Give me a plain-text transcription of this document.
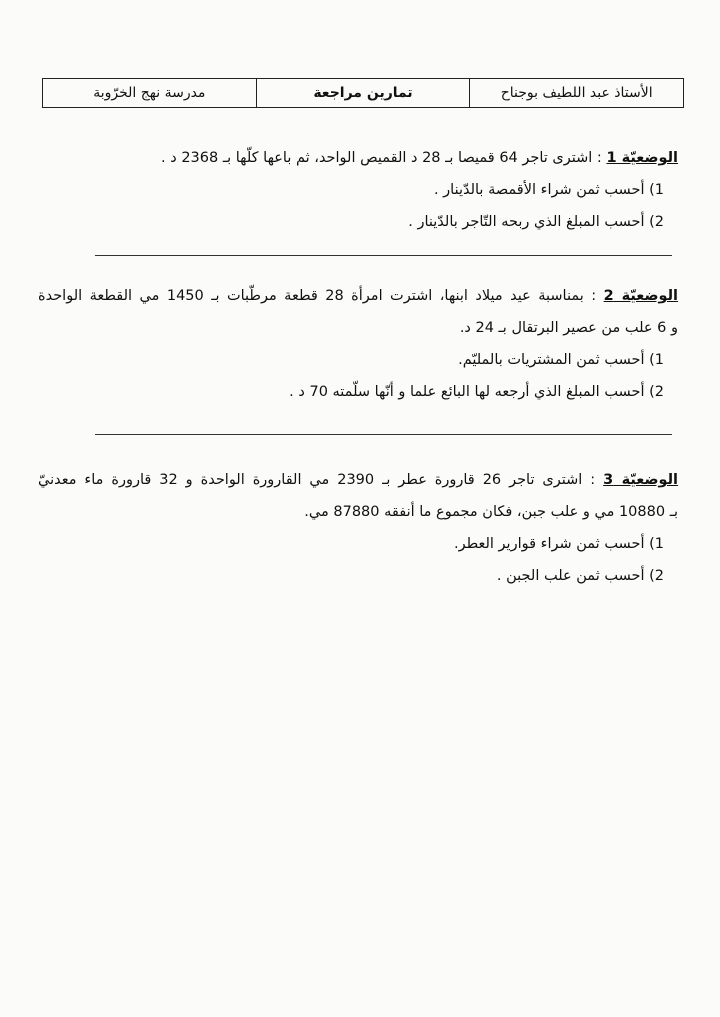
الأستاذ عبد اللطيف بوجناح
تمارين مراجعة
مدرسة نهج الخرّوبة
الوضعيّة 1 : اشترى تاجر 64 قميصا بـ 28 د القميص الواحد، ثم باعها كلّها بـ 2368 د .
1) أحسب ثمن شراء الأقمصة بالدّينار .
2) أحسب المبلغ الذي ربحه التّاجر بالدّينار .
الوضعيّة 2 : بمناسبة عيد ميلاد ابنها، اشترت امرأة 28 قطعة مرطّبات بـ 1450 مي القطعة الواحدة
و 6 علب من عصير البرتقال بـ 24 د.
1) أحسب ثمن المشتريات بالمليّم.
2) أحسب المبلغ الذي أرجعه لها البائع علما و أنّها سلّمته 70 د .
الوضعيّة 3 : اشترى تاجر 26 قارورة عطر بـ 2390 مي القارورة الواحدة و 32 قارورة ماء معدنيّ
بـ 10880 مي و علب جبن، فكان مجموع ما أنفقه 87880 مي.
1) أحسب ثمن شراء قوارير العطر.
2) أحسب ثمن علب الجبن .
